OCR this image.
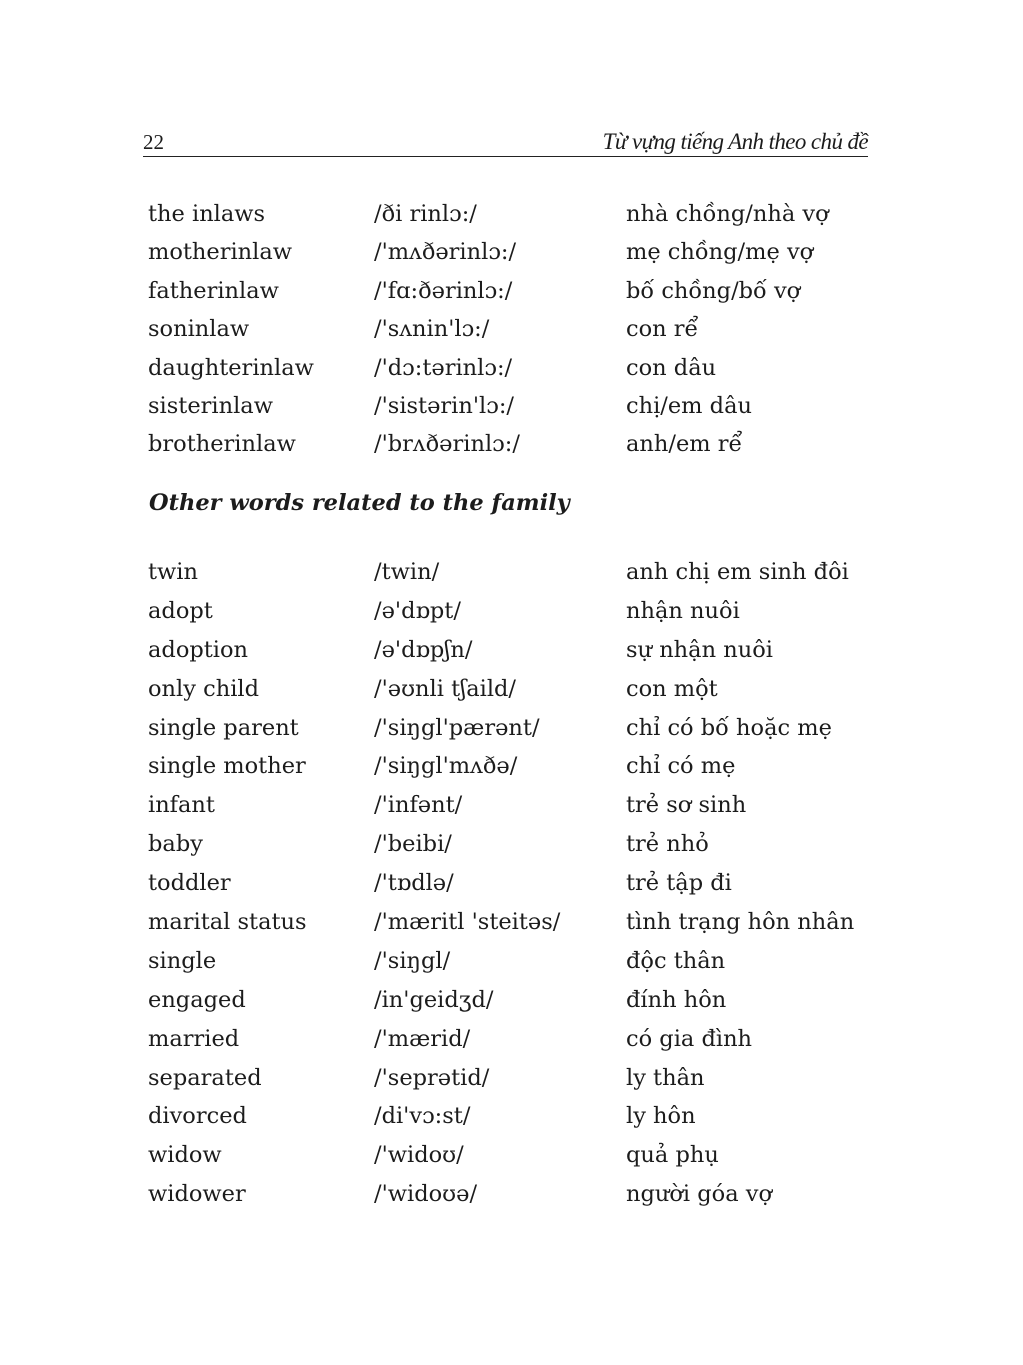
22	Từ vựng tiếng Anh theo chủ đề
the inlaws	/ði rinlɔ:/	nhà chồng/nhà vợ
motherinlaw	/'mʌðərinlɔ:/	mẹ chồng/mẹ vợ
fatherinlaw	/'fɑ:ðərinlɔ:/	bố chồng/bố vợ
soninlaw	/'sʌnin'lɔ:/	con rể
daughterinlaw	/'dɔ:tərinlɔ:/	con dâu
sisterinlaw	/'sistərin'lɔ:/	chị/em dâu
brotherinlaw	/'brʌðərinlɔ:/	anh/em rể
Other words related to the family
twin	/twin/	anh chị em sinh đôi
adopt	/ə'dɒpt/	nhận nuôi
adoption	/ə'dɒpʃn/	sự nhận nuôi
only child	/'əʊnli tʃaild/	con một
single parent	/'siŋgl'pærənt/	chỉ có bố hoặc mẹ
single mother	/'siŋgl'mʌðə/	chỉ có mẹ
infant	/'infənt/	trẻ sơ sinh
baby	/'beibi/	trẻ nhỏ
toddler	/'tɒdlə/	trẻ tập đi
marital status	/'mæritl 'steitəs/	tình trạng hôn nhân
single	/'siŋgl/	độc thân
engaged	/in'geidʒd/	đính hôn
married	/'mærid/	có gia đình
separated	/'seprətid/	ly thân
divorced	/di'vɔ:st/	ly hôn
widow	/'widoʊ/	quả phụ
widower	/'widoʊə/	người góa vợ
